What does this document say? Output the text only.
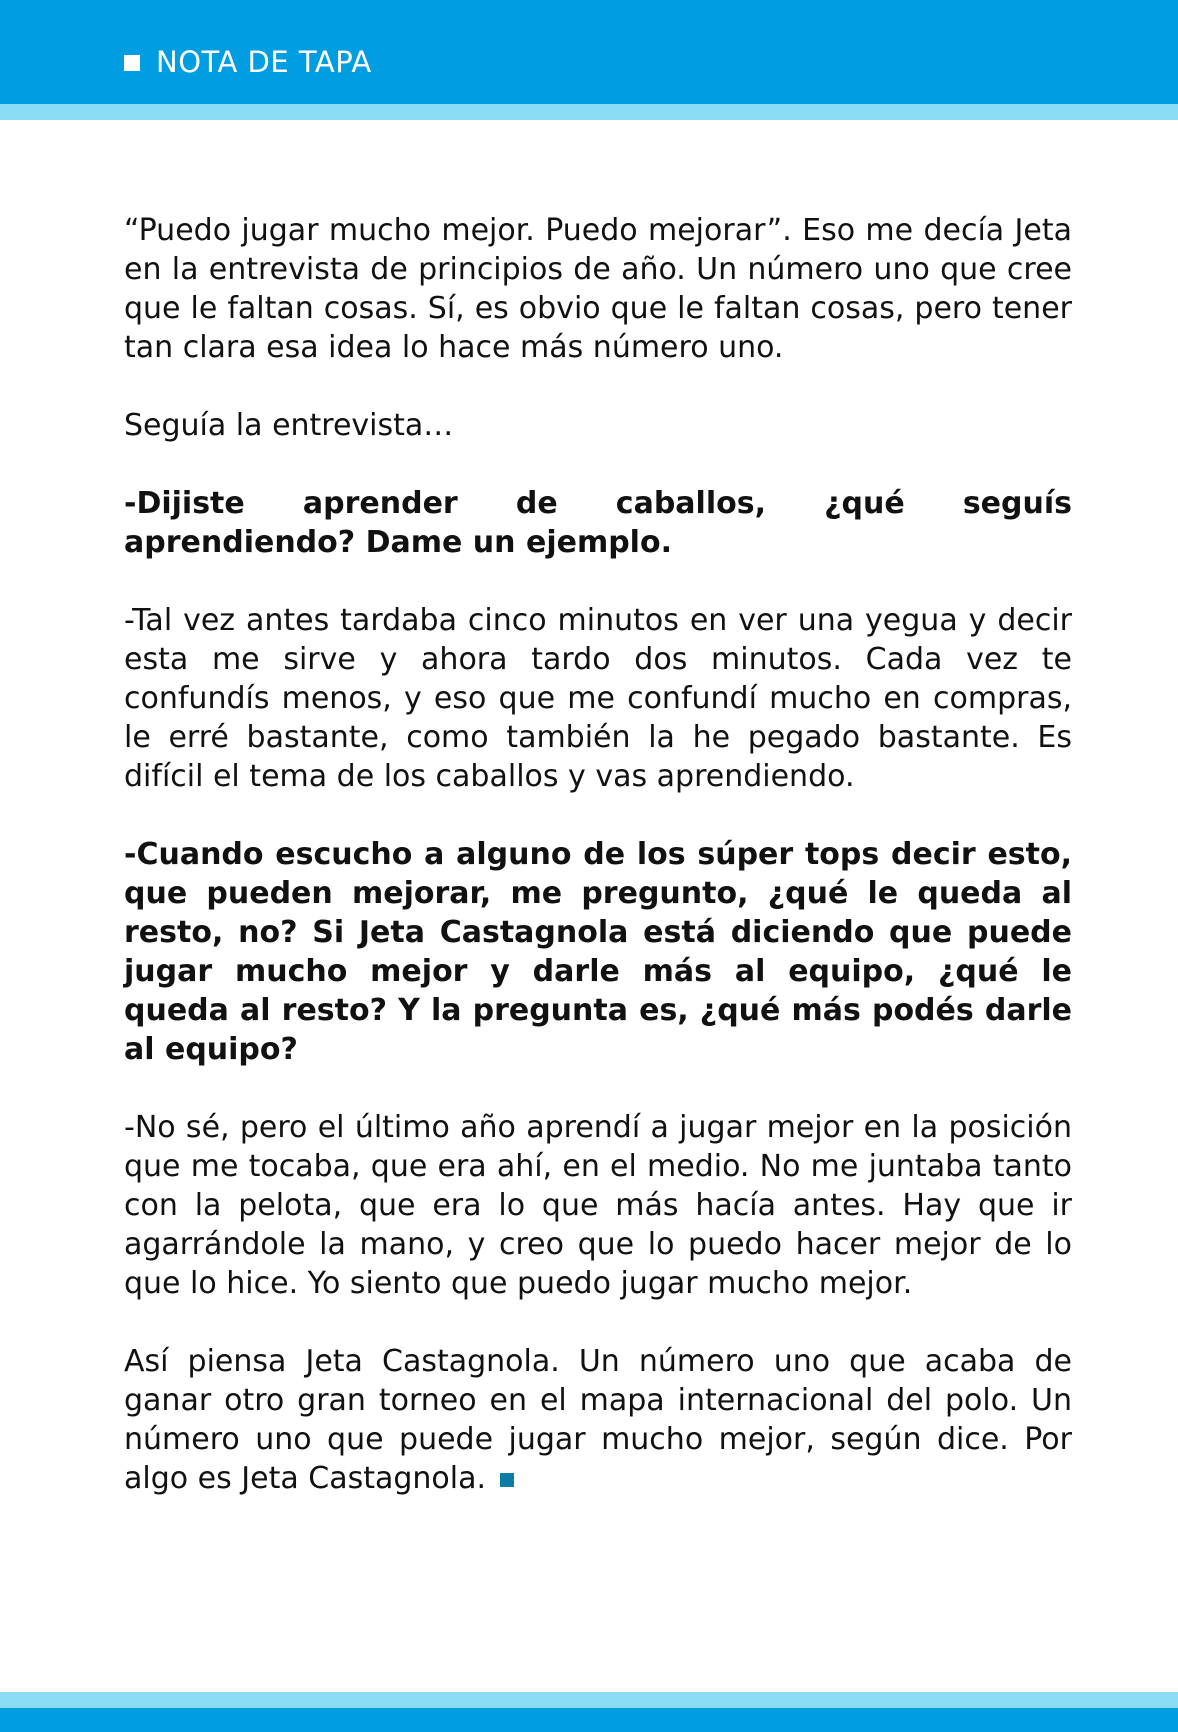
NOTA DE TAPA

“Puedo jugar mucho mejor. Puedo mejorar”. Eso me decía Jeta en la entrevista de principios de año. Un número uno que cree que le faltan cosas. Sí, es obvio que le faltan cosas, pero tener tan clara esa idea lo hace más número uno.

Seguía la entrevista…

-Dijiste aprender de caballos, ¿qué seguís aprendiendo? Dame un ejemplo.

-Tal vez antes tardaba cinco minutos en ver una yegua y decir esta me sirve y ahora tardo dos minutos. Cada vez te confundís menos, y eso que me confundí mucho en compras, le erré bastante, como también la he pegado bastante. Es difícil el tema de los caballos y vas aprendiendo.

-Cuando escucho a alguno de los súper tops decir esto, que pueden mejorar, me pregunto, ¿qué le queda al resto, no? Si Jeta Castagnola está diciendo que puede jugar mucho mejor y darle más al equipo, ¿qué le queda al resto? Y la pregunta es, ¿qué más podés darle al equipo?

-No sé, pero el último año aprendí a jugar mejor en la posición que me tocaba, que era ahí, en el medio. No me juntaba tanto con la pelota, que era lo que más hacía antes. Hay que ir agarrándole la mano, y creo que lo puedo hacer mejor de lo que lo hice. Yo siento que puedo jugar mucho mejor.

Así piensa Jeta Castagnola. Un número uno que acaba de ganar otro gran torneo en el mapa internacional del polo. Un número uno que puede jugar mucho mejor, según dice. Por algo es Jeta Castagnola.
